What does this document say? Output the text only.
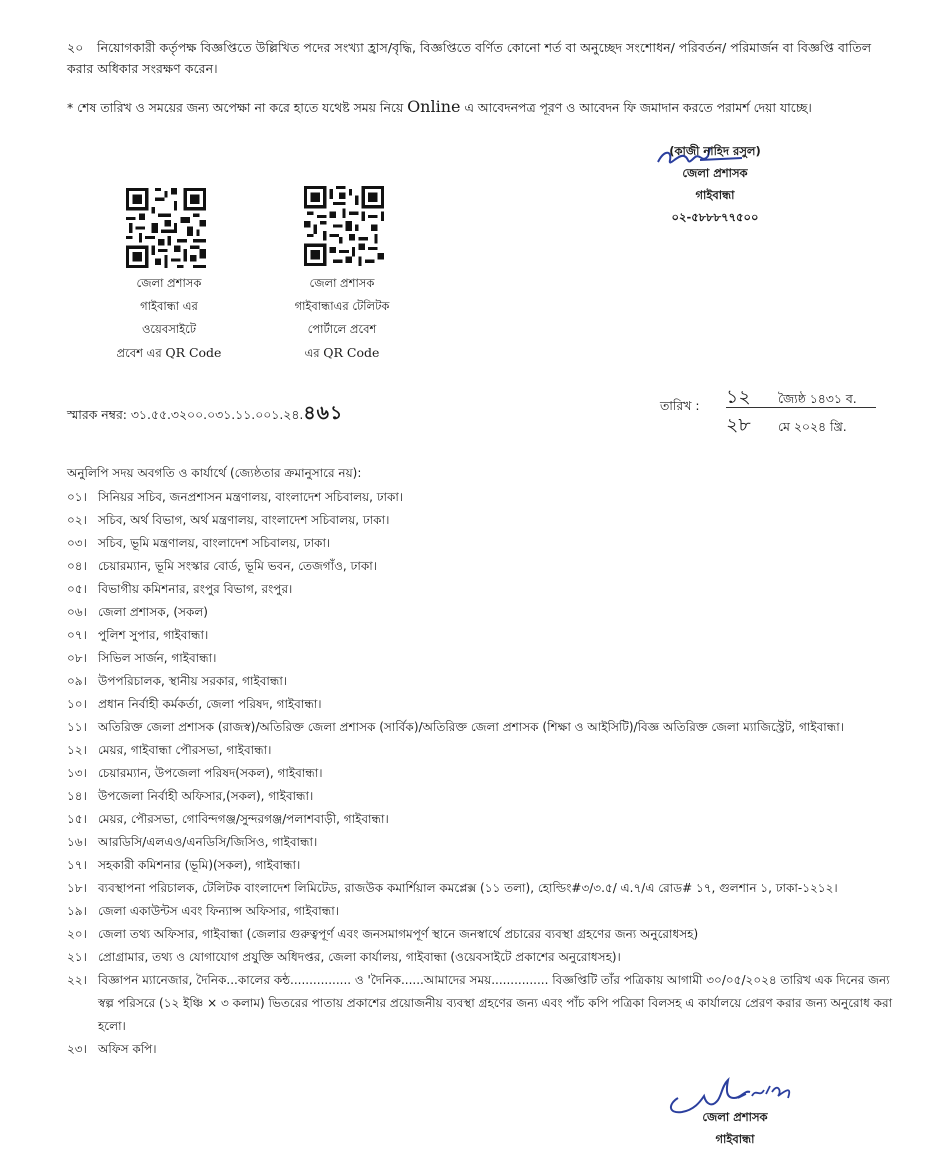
২০ নিয়োগকারী কর্তৃপক্ষ বিজ্ঞপ্তিতে উল্লিখিত পদের সংখ্যা হ্রাস/বৃদ্ধি, বিজ্ঞপ্তিতে বর্ণিত কোনো শর্ত বা অনুচ্ছেদ সংশোধন/ পরিবর্তন/ পরিমার্জন বা বিজ্ঞপ্তি বাতিল করার অধিকার সংরক্ষণ করেন।
* শেষ তারিখ ও সময়ের জন্য অপেক্ষা না করে হাতে যথেষ্ট সময় নিয়ে Online এ আবেদনপত্র পূরণ ও আবেদন ফি জমাদান করতে পরামর্শ দেয়া যাচ্ছে।
(কাজী নাহিদ রসুল)
জেলা প্রশাসক
গাইবান্ধা
০২-৫৮৮৮৭৭৫০০
জেলা প্রশাসক
গাইবান্ধা এর
ওয়েবসাইটে
প্রবেশ এর QR Code
জেলা প্রশাসক
গাইবান্ধাএর টেলিটক
পোর্টালে প্রবেশ
এর QR Code
স্মারক নম্বর: ৩১.৫৫.৩২০০.০৩১.১১.০০১.২৪.৪৬১	তারিখ : ১২ জ্যৈষ্ঠ ১৪৩১ ব.
২৮ মে ২০২৪ খ্রি.
অনুলিপি সদয় অবগতি ও কার্যার্থে (জ্যেষ্ঠতার ক্রমানুসারে নয়):
০১। সিনিয়র সচিব, জনপ্রশাসন মন্ত্রণালয়, বাংলাদেশ সচিবালয়, ঢাকা।
০২। সচিব, অর্থ বিভাগ, অর্থ মন্ত্রণালয়, বাংলাদেশ সচিবালয়, ঢাকা।
০৩। সচিব, ভূমি মন্ত্রণালয়, বাংলাদেশ সচিবালয়, ঢাকা।
০৪। চেয়ারম্যান, ভূমি সংস্কার বোর্ড, ভূমি ভবন, তেজগাঁও, ঢাকা।
০৫। বিভাগীয় কমিশনার, রংপুর বিভাগ, রংপুর।
০৬। জেলা প্রশাসক, (সকল)
০৭। পুলিশ সুপার, গাইবান্ধা।
০৮। সিভিল সার্জন, গাইবান্ধা।
০৯। উপপরিচালক, স্থানীয় সরকার, গাইবান্ধা।
১০। প্রধান নির্বাহী কর্মকর্তা, জেলা পরিষদ, গাইবান্ধা।
১১। অতিরিক্ত জেলা প্রশাসক (রাজস্ব)/অতিরিক্ত জেলা প্রশাসক (সার্বিক)/অতিরিক্ত জেলা প্রশাসক (শিক্ষা ও আইসিটি)/বিজ্ঞ অতিরিক্ত জেলা ম্যাজিস্ট্রেট, গাইবান্ধা।
১২। মেয়র, গাইবান্ধা পৌরসভা, গাইবান্ধা।
১৩। চেয়ারম্যান, উপজেলা পরিষদ(সকল), গাইবান্ধা।
১৪। উপজেলা নির্বাহী অফিসার,(সকল), গাইবান্ধা।
১৫। মেয়র, পৌরসভা, গোবিন্দগঞ্জ/সুন্দরগঞ্জ/পলাশবাড়ী, গাইবান্ধা।
১৬। আরডিসি/এলএও/এনডিসি/জিসিও, গাইবান্ধা।
১৭। সহকারী কমিশনার (ভূমি)(সকল), গাইবান্ধা।
১৮। ব্যবস্থাপনা পরিচালক, টেলিটক বাংলাদেশ লিমিটেড, রাজউক কমার্শিয়াল কমপ্লেক্স (১১ তলা), হোল্ডিং#৩/৩.৫/ এ.৭/এ রোড# ১৭, গুলশান ১, ঢাকা-১২১২।
১৯। জেলা একাউন্টস এবং ফিন্যান্স অফিসার, গাইবান্ধা।
২০। জেলা তথ্য অফিসার, গাইবান্ধা (জেলার গুরুত্বপূর্ণ এবং জনসমাগমপূর্ণ স্থানে জনস্বার্থে প্রচারের ব্যবস্থা গ্রহণের জন্য অনুরোধসহ)
২১। প্রোগ্রামার, তথ্য ও যোগাযোগ প্রযুক্তি অধিদপ্তর, জেলা কার্যালয়, গাইবান্ধা (ওয়েবসাইটে প্রকাশের অনুরোধসহ)।
২২। বিজ্ঞাপন ম্যানেজার, দৈনিক...কালের কন্ঠ................ ও 'দৈনিক......আমাদের সময়............... বিজ্ঞপ্তিটি তাঁর পত্রিকায় আগামী ৩০/০৫/২০২৪ তারিখ এক দিনের জন্য স্বল্প পরিসরে (১২ ইঞ্চি × ৩ কলাম) ভিতরের পাতায় প্রকাশের প্রয়োজনীয় ব্যবস্থা গ্রহণের জন্য এবং পাঁচ কপি পত্রিকা বিলসহ এ কার্যালয়ে প্রেরণ করার জন্য অনুরোধ করা হলো।
২৩। অফিস কপি।
জেলা প্রশাসক
গাইবান্ধা
